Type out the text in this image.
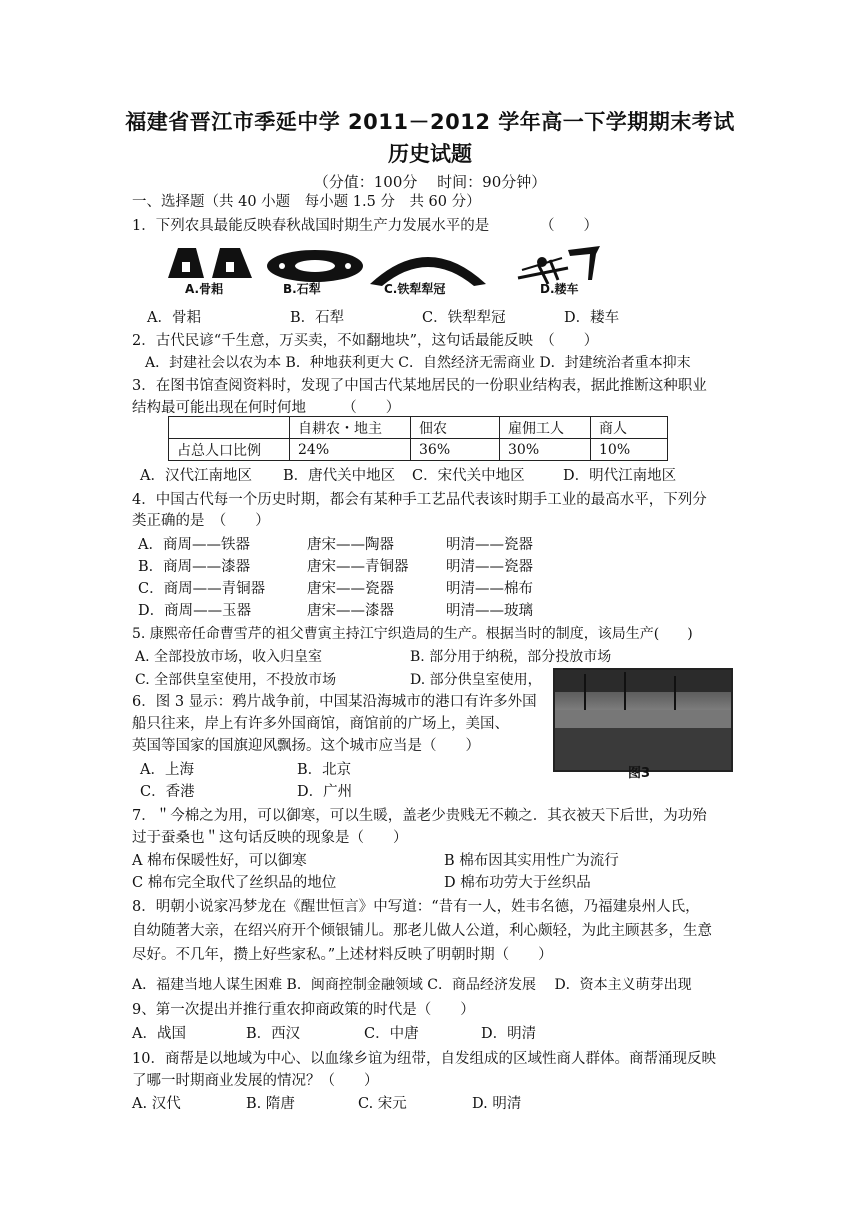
福建省晋江市季延中学 2011－2012 学年高一下学期期末考试
历史试题
（分值：100分　 时间：90分钟）
一、选择题（共 40 小题　每小题 1.5 分　共 60 分）
1．下列农具最能反映春秋战国时期生产力发展水平的是　　　　（　　）
A.骨耜	B.石犁	C.铁犁犁冠	D.耧车
A．骨耜	B．石犁	C．铁犁犁冠	D．耧车
2．古代民谚“千生意，万买卖，不如翻地块”，这句话最能反映　（　　）
A．封建社会以农为本 B．种地获利更大 C．自然经济无需商业 D．封建统治者重本抑末
3．在图书馆查阅资料时，发现了中国古代某地居民的一份职业结构表，据此推断这种职业
结构最可能出现在何时何地　　　（　　）
	自耕农・地主	佃农	雇佣工人	商人
占总人口比例	24%	36%	30%	10%
A．汉代江南地区 B．唐代关中地区 C．宋代关中地区	D．明代江南地区
4．中国古代每一个历史时期，都会有某种手工艺品代表该时期手工业的最高水平，下列分
类正确的是　（　　）
A．商周——铁器	唐宋——陶器	明清——瓷器
B．商周——漆器	唐宋——青铜器	明清——瓷器
C．商周——青铜器	唐宋——瓷器	明清——棉布
D．商周——玉器	唐宋——漆器	明清——玻璃
5. 康熙帝任命曹雪芹的祖父曹寅主持江宁织造局的生产。根据当时的制度，该局生产(　　)
A. 全部投放市场，收入归皇室	B. 部分用于纳税，部分投放市场
C. 全部供皇室使用，不投放市场	D. 部分供皇室使用，
图3
6．图 3 显示：鸦片战争前，中国某沿海城市的港口有许多外国
船只往来，岸上有许多外国商馆，商馆前的广场上，美国、
英国等国家的国旗迎风飘扬。这个城市应当是（　　）
A．上海	B．北京
C．香港	D．广州
7．＂今棉之为用，可以御寒，可以生暖，盖老少贵贱无不赖之．其衣被天下后世，为功殆
过于蚕桑也＂这句话反映的现象是（　　）
A 棉布保暖性好，可以御寒	B 棉布因其实用性广为流行
C 棉布完全取代了丝织品的地位	D 棉布功劳大于丝织品
8．明朝小说家冯梦龙在《醒世恒言》中写道：“昔有一人，姓韦名德，乃福建泉州人氏，
自幼随著大亲，在绍兴府开个倾银铺儿。那老儿做人公道，利心颇轻，为此主顾甚多，生意
尽好。不几年，攒上好些家私。”上述材料反映了明朝时期（　　）
A．福建当地人谋生困难 B．闽商控制金融领域 C．商品经济发展　 D．资本主义萌芽出现
9、第一次提出并推行重农抑商政策的时代是（　　）
A．战国	B．西汉	C．中唐	D．明清
10．商帮是以地域为中心、以血缘乡谊为纽带，自发组成的区域性商人群体。商帮涌现反映
了哪一时期商业发展的情况？（　　）
A. 汉代	B. 隋唐	C. 宋元	D. 明清
